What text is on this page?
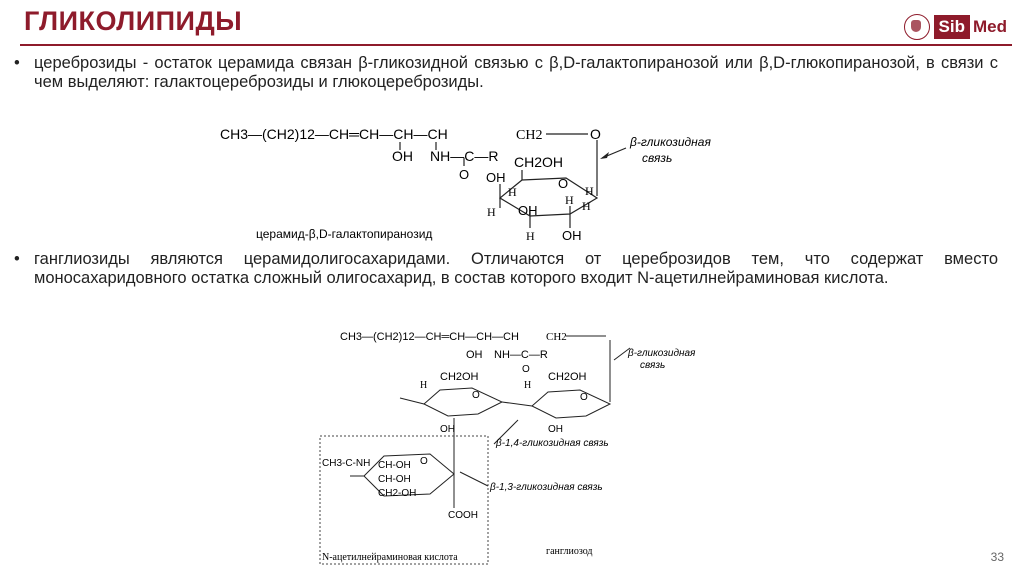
ГЛИКОЛИПИДЫ	Sib Med
• цереброзиды - остаток церамида связан β-гликозидной связью с β,D-галактопиранозой или β,D-глюкопиранозой, в связи с чем выделяют: галактоцереброзиды и глюкоцереброзиды.
CH3—(CH2)12—CH═CH—CH—CH	CH2	O
OH NH—C—R
O
CH2OH
O
OH
H
H OH
H
H
H OH
H
β-гликозидная
связь
церамид-β,D-галактопиранозид
• ганглиозиды являются церамидолигосахаридами. Отличаются от цереброзидов тем, что содержат вместо моносахаридовного остатка сложный олигосахарид, в состав которого входит N-ацетилнейраминовая кислота.
CH3—(CH2)12—CH═CH—CH—CH CH2
OH NH—C—R
O
β-гликозидная
связь
CH2OH	CH2OH
O	O
H	H
OH	OH
β-1,4-гликозидная связь
β-1,3-гликозидная связь
O
CH3-C-NH CH-OH
CH-OH
CH2-OH
COOH
N-ацетилнейраминовая кислота
ганглиозод	33
